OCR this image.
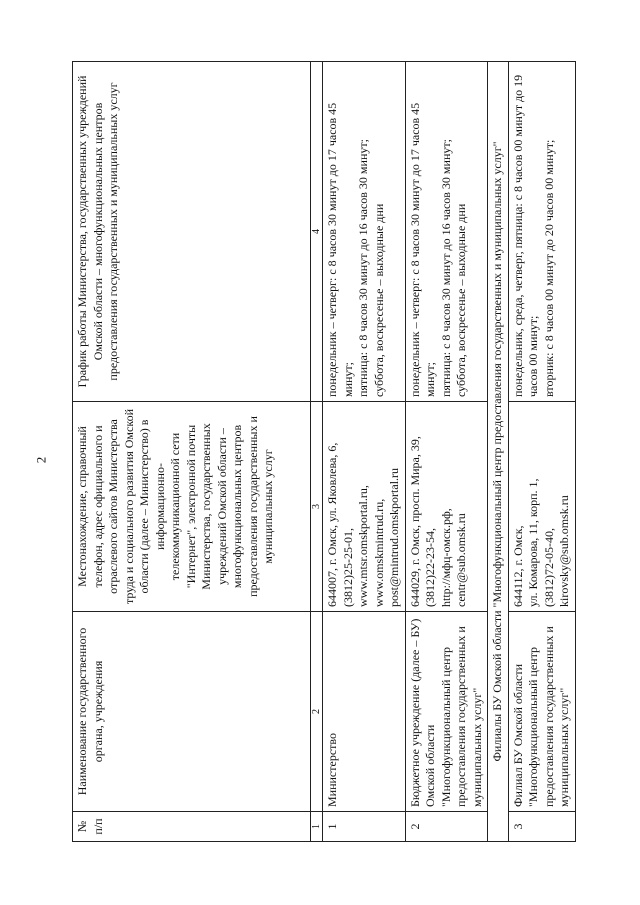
2
№ п/п	Наименование государственного органа, учреждения	Местонахождение, справочный телефон, адрес официального и отраслевого сайтов Министерства труда и социального развития Омской области (далее – Министерство) в информационно-телекоммуникационной сети "Интернет", электронной почты Министерства, государственных учреждений Омской области – многофункциональных центров предоставления государственных и муниципальных услуг	График работы Министерства, государственных учреждений Омской области – многофункциональных центров предоставления государственных и муниципальных услуг
1	2	3	4
1	Министерство	644007, г. Омск, ул. Яковлева, 6, (3812)25-25-01, www.mtsr.omskportal.ru, www.omskmintrud.ru, post@mintrud.omskportal.ru	понедельник – четверг: с 8 часов 30 минут до 17 часов 45 минут; пятница: с 8 часов 30 минут до 16 часов 30 минут; суббота, воскресенье – выходные дни

2	Бюджетное учреждение (далее – БУ) Омской области "Многофункциональный центр предоставления государственных и муниципальных услуг"	644029, г. Омск, просп. Мира, 39, (3812)22-23-54, http://мфц-омск.рф, centr@sub.omsk.ru	понедельник – четверг: с 8 часов 30 минут до 17 часов 45 минут; пятница: с 8 часов 30 минут до 16 часов 30 минут; суббота, воскресенье – выходные дни

Филиалы БУ Омской области "Многофункциональный центр предоставления государственных и муниципальных услуг"			
3	Филиал БУ Омской области "Многофункциональный центр предоставления государственных и муниципальных услуг"	644112, г. Омск, ул. Комарова, 11, корп. 1, (3812)72-05-40, kirovsky@sub.omsk.ru	понедельник, среда, четверг, пятница: с 8 часов 00 минут до 19 часов 00 минут; вторник: с 8 часов 00 минут до 20 часов 00 минут;
